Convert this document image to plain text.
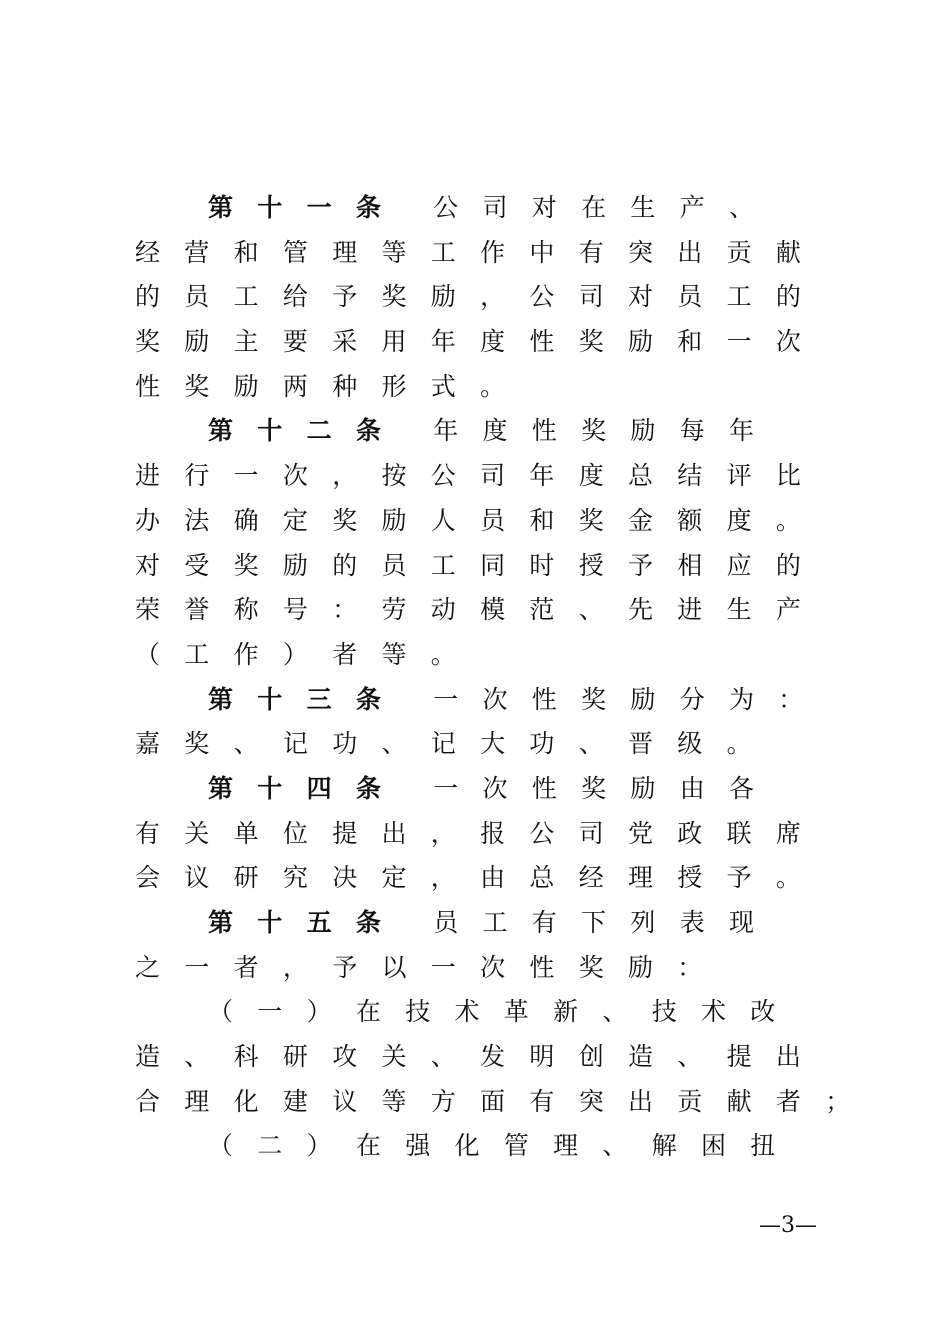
第十一条 公司对在生产、
经营和管理等工作中有突出贡献
的员工给予奖励，公司对员工的
奖励主要采用年度性奖励和一次
性奖励两种形式。
第十二条 年度性奖励每年
进行一次，按公司年度总结评比
办法确定奖励人员和奖金额度。
对受奖励的员工同时授予相应的
荣誉称号：劳动模范、先进生产
（工作）者等。
第十三条 一次性奖励分为：
嘉奖、记功、记大功、晋级。
第十四条 一次性奖励由各
有关单位提出，报公司党政联席
会议研究决定，由总经理授予。
第十五条 员工有下列表现
之一者，予以一次性奖励：
（一）在技术革新、技术改
造、科研攻关、发明创造、提出
合理化建议等方面有突出贡献者；
（二）在强化管理、解困扭
—3—
